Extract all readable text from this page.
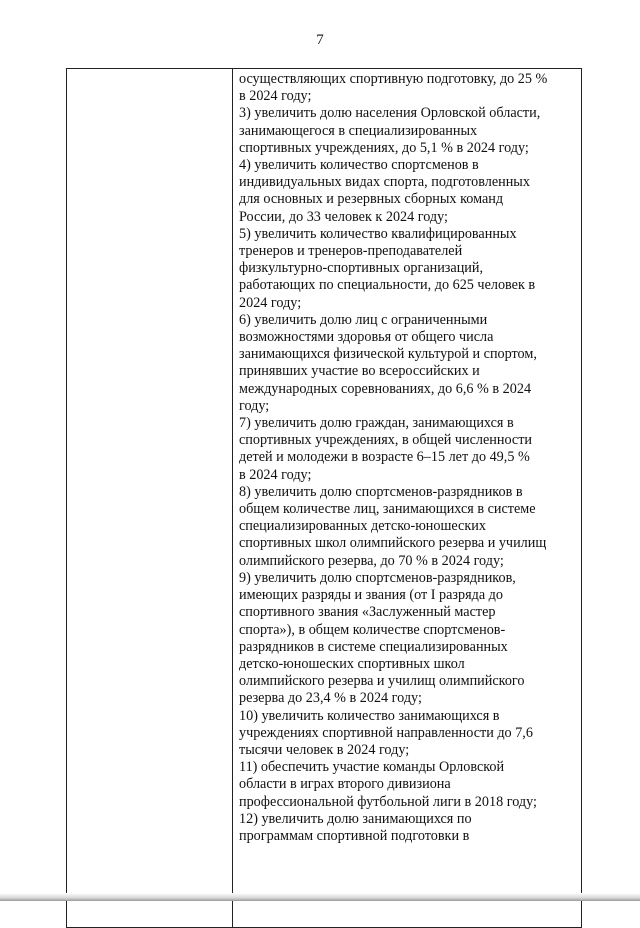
7

осуществляющих спортивную подготовку, до 25 %
в 2024 году;

3) увеличить долю населения Орловской области,
занимающегося в специализированных
спортивных учреждениях, до 5,1 % в 2024 году;

4) увеличить количество спортсменов в
индивидуальных видах спорта, подготовленных
для основных и резервных сборных команд
России, до 33 человек к 2024 году;

5) увеличить количество квалифицированных
тренеров и тренеров-преподавателей
физкультурно-спортивных организаций,
работающих по специальности, до 625 человек в
2024 году;

6) увеличить долю лиц с ограниченными
возможностями здоровья от общего числа
занимающихся физической культурой и спортом,
принявших участие во всероссийских и
международных соревнованиях, до 6,6 % в 2024
году;

7) увеличить долю граждан, занимающихся в
спортивных учреждениях, в общей численности
детей и молодежи в возрасте 6–15 лет до 49,5 %
в 2024 году;

8) увеличить долю спортсменов-разрядников в
общем количестве лиц, занимающихся в системе
специализированных детско-юношеских
спортивных школ олимпийского резерва и училищ
олимпийского резерва, до 70 % в 2024 году;

9) увеличить долю спортсменов-разрядников,
имеющих разряды и звания (от I разряда до
спортивного звания «Заслуженный мастер
спорта»), в общем количестве спортсменов-
разрядников в системе специализированных
детско-юношеских спортивных школ
олимпийского резерва и училищ олимпийского
резерва до 23,4 % в 2024 году;

10) увеличить количество занимающихся в
учреждениях спортивной направленности до 7,6
тысячи человек в 2024 году;

11) обеспечить участие команды Орловской
области в играх второго дивизиона
профессиональной футбольной лиги в 2018 году;

12) увеличить долю занимающихся по
программам спортивной подготовки в
